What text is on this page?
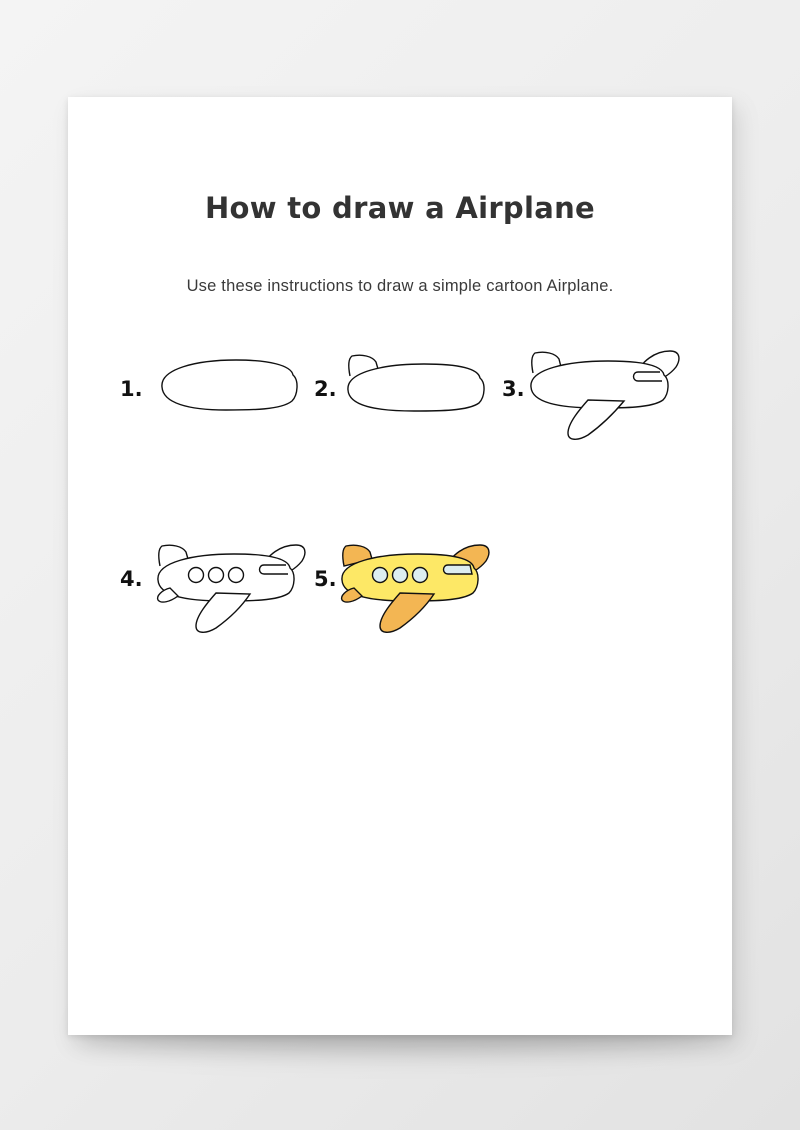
How to draw a Airplane
Use these instructions to draw a simple cartoon Airplane.
1.	2.	3.
4.	5.
